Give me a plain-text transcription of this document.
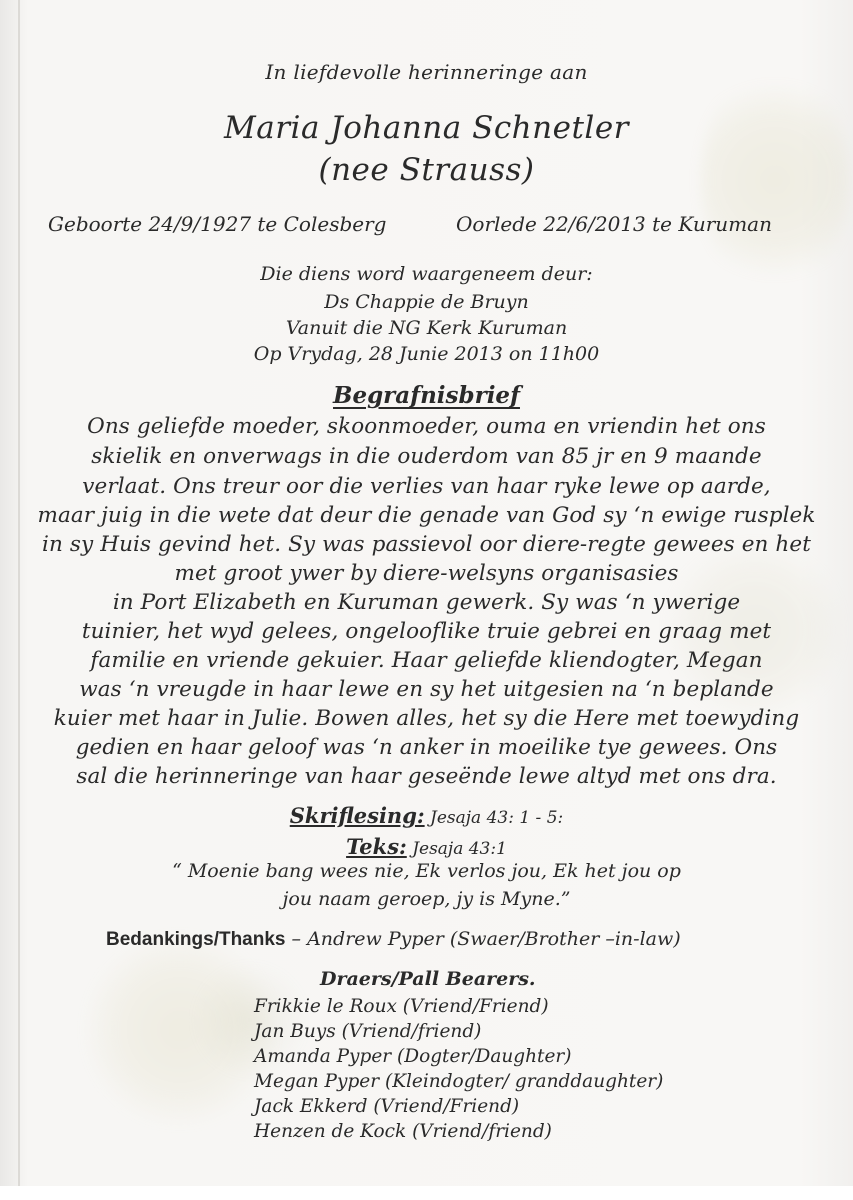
In liefdevolle herinneringe aan
Maria Johanna Schnetler
(nee Strauss)
Geboorte 24/9/1927 te Colesberg	Oorlede 22/6/2013 te Kuruman
Die diens word waargeneem deur:
Ds Chappie de Bruyn
Vanuit die NG Kerk Kuruman
Op Vrydag, 28 Junie 2013 on 11h00
Begrafnisbrief
Ons geliefde moeder, skoonmoeder, ouma en vriendin het ons
skielik en onverwags in die ouderdom van 85 jr en 9 maande
verlaat. Ons treur oor die verlies van haar ryke lewe op aarde,
maar juig in die wete dat deur die genade van God sy ‘n ewige rusplek
in sy Huis gevind het. Sy was passievol oor diere-regte gewees en het
met groot ywer by diere-welsyns organisasies
in Port Elizabeth en Kuruman gewerk. Sy was ‘n ywerige
tuinier, het wyd gelees, ongelooflike truie gebrei en graag met
familie en vriende gekuier. Haar geliefde kliendogter, Megan
was ‘n vreugde in haar lewe en sy het uitgesien na ‘n beplande
kuier met haar in Julie. Bowen alles, het sy die Here met toewyding
gedien en haar geloof was ‘n anker in moeilike tye gewees. Ons
sal die herinneringe van haar geseënde lewe altyd met ons dra.
Skriflesing: Jesaja 43: 1 - 5:
Teks: Jesaja 43:1
“ Moenie bang wees nie, Ek verlos jou, Ek het jou op
jou naam geroep, jy is Myne.”
Bedankings/Thanks – Andrew Pyper (Swaer/Brother –in-law)
Draers/Pall Bearers.
Frikkie le Roux (Vriend/Friend)
Jan Buys (Vriend/friend)
Amanda Pyper (Dogter/Daughter)
Megan Pyper (Kleindogter/ granddaughter)
Jack Ekkerd (Vriend/Friend)
Henzen de Kock (Vriend/friend)
